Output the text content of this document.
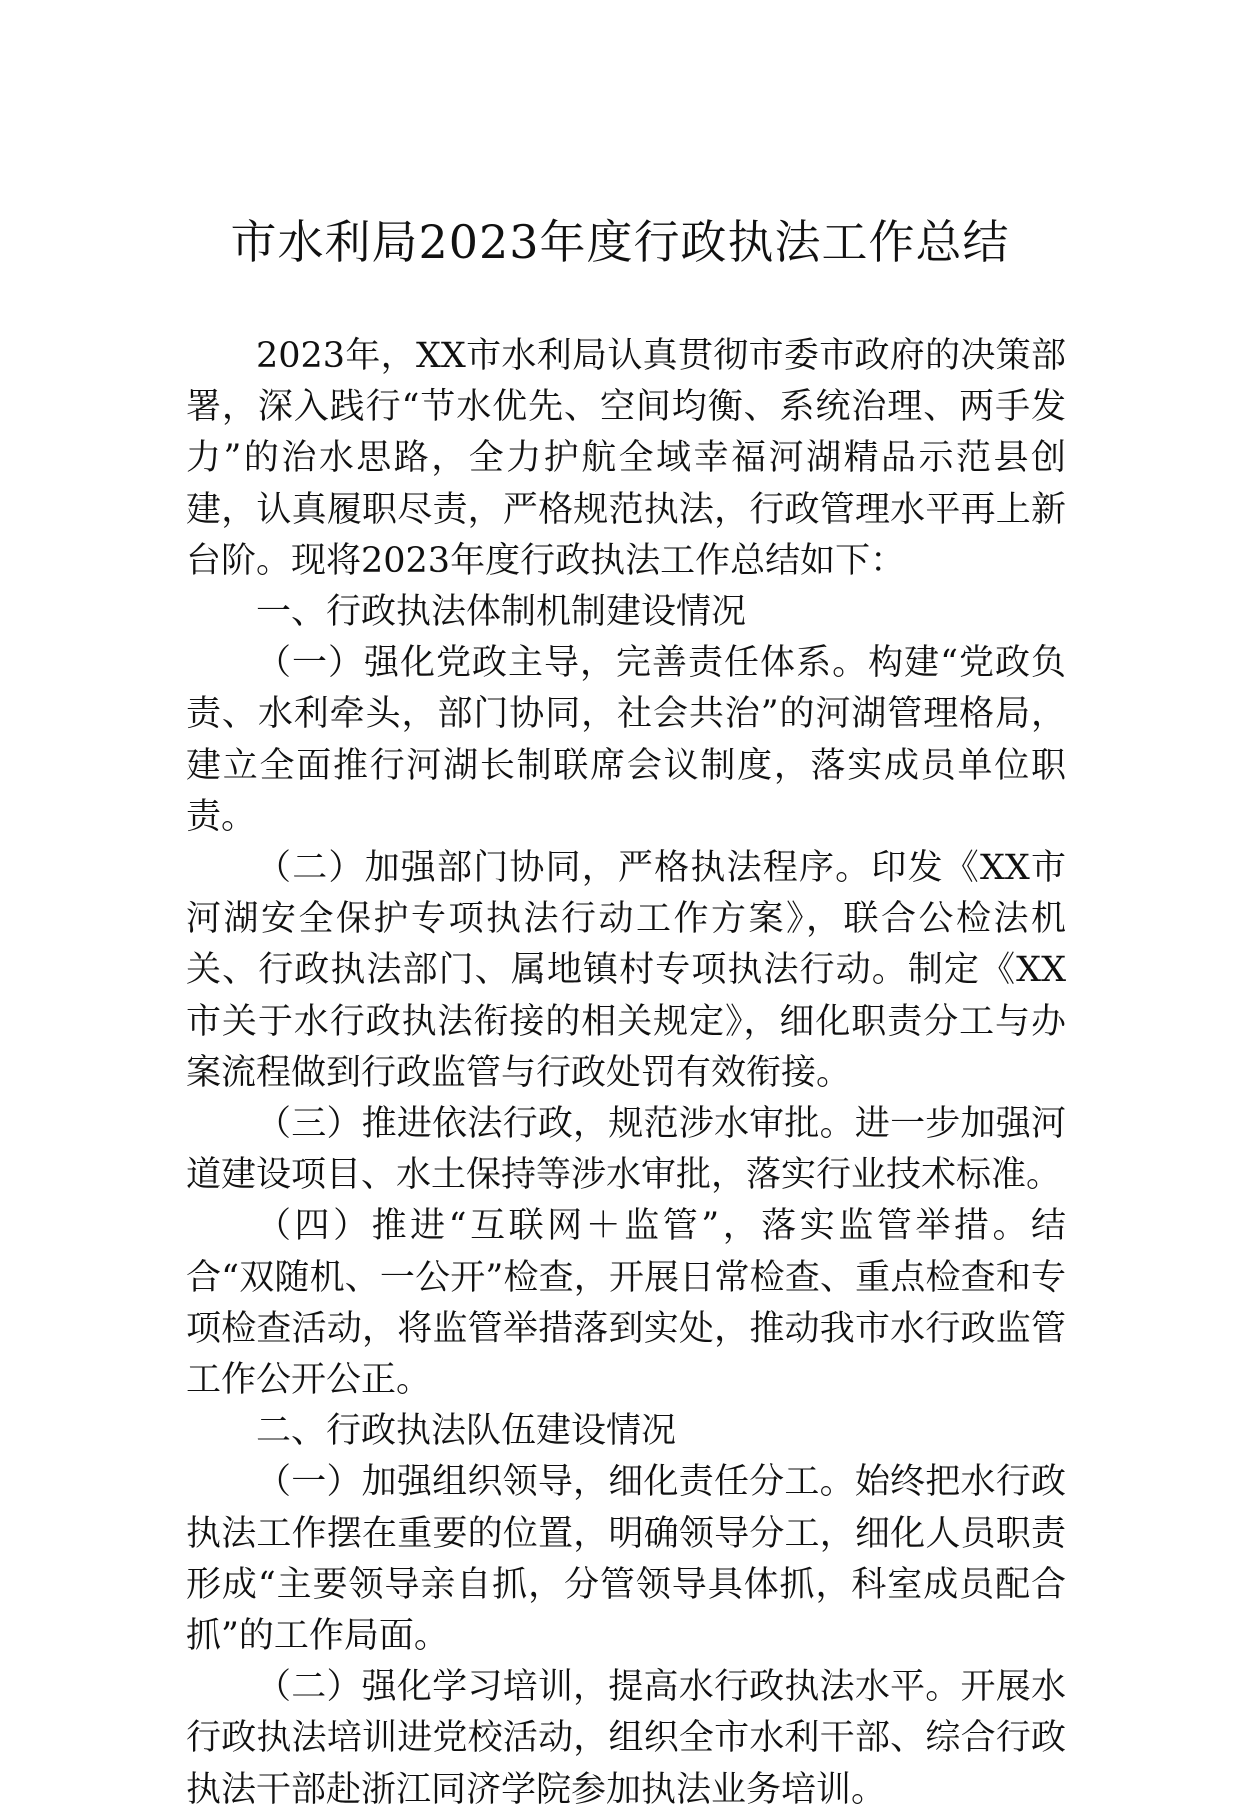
市水利局2023年度行政执法工作总结

2023年，XX市水利局认真贯彻市委市政府的决策部署，深入践行“节水优先、空间均衡、系统治理、两手发力”的治水思路，全力护航全域幸福河湖精品示范县创建，认真履职尽责，严格规范执法，行政管理水平再上新台阶。现将2023年度行政执法工作总结如下：

一、行政执法体制机制建设情况

（一）强化党政主导，完善责任体系。构建“党政负责、水利牵头，部门协同，社会共治”的河湖管理格局，建立全面推行河湖长制联席会议制度，落实成员单位职责。

（二）加强部门协同，严格执法程序。印发《XX市河湖安全保护专项执法行动工作方案》，联合公检法机关、行政执法部门、属地镇村专项执法行动。制定《XX市关于水行政执法衔接的相关规定》，细化职责分工与办案流程做到行政监管与行政处罚有效衔接。

（三）推进依法行政，规范涉水审批。进一步加强河道建设项目、水土保持等涉水审批，落实行业技术标准。

（四）推进“互联网＋监管”，落实监管举措。结合“双随机、一公开”检查，开展日常检查、重点检查和专项检查活动，将监管举措落到实处，推动我市水行政监管工作公开公正。

二、行政执法队伍建设情况

（一）加强组织领导，细化责任分工。始终把水行政执法工作摆在重要的位置，明确领导分工，细化人员职责形成“主要领导亲自抓，分管领导具体抓，科室成员配合抓”的工作局面。

（二）强化学习培训，提高水行政执法水平。开展水行政执法培训进党校活动，组织全市水利干部、综合行政执法干部赴浙江同济学院参加执法业务培训。
